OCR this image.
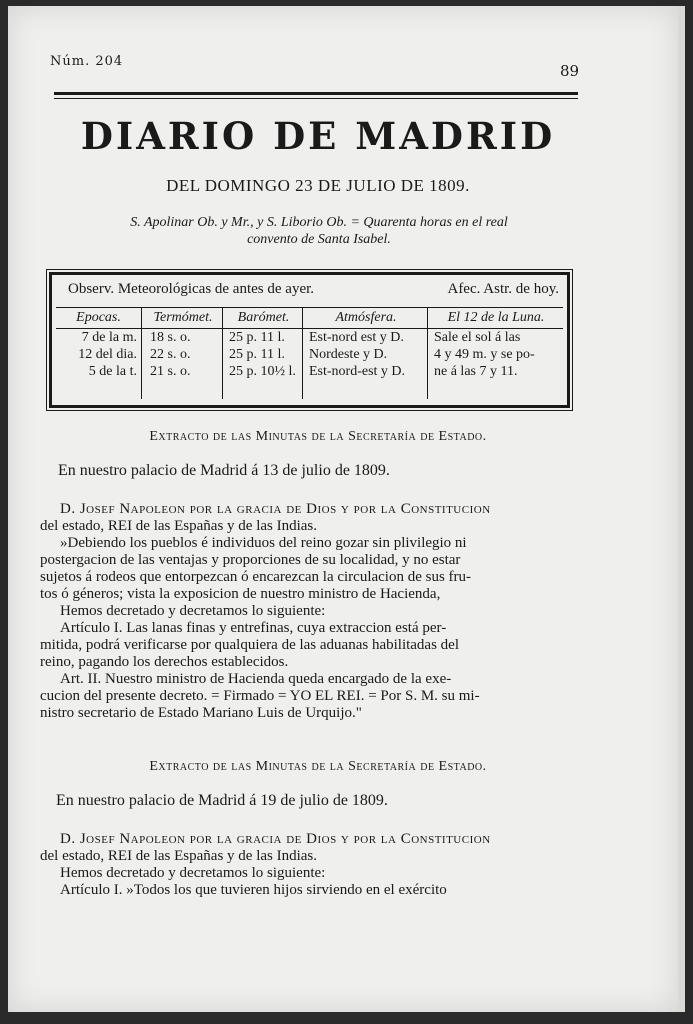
Núm. 204
89
DIARIO DE MADRID
DEL DOMINGO 23 DE JULIO DE 1809.
S. Apolinar Ob. y Mr., y S. Liborio Ob. = Quarenta horas en el real
convento de Santa Isabel.
Observ. Meteorológicas de antes de ayer.	Afec. Astr. de hoy.
Epocas.
7 de la m.
12 del dia.
5 de la t.
Termómet.
18 s. o.
22 s. o.
21 s. o.
Barómet.
25 p. 11 l.
25 p. 11 l.
25 p. 10½ l.
Atmósfera.
Est-nord est y D.
Nordeste y D.
Est-nord-est y D.
El 12 de la Luna.
Sale el sol á las
4 y 49 m. y se po-
ne á las 7 y 11.
Extracto de las Minutas de la Secretaría de Estado.
En nuestro palacio de Madrid á 13 de julio de 1809.
D. Josef Napoleon por la gracia de Dios y por la Constitucion
del estado, REI de las Españas y de las Indias.
»Debiendo los pueblos é individuos del reino gozar sin plivilegio ni
postergacion de las ventajas y proporciones de su localidad, y no estar
sujetos á rodeos que entorpezcan ó encarezcan la circulacion de sus fru-
tos ó géneros; vista la exposicion de nuestro ministro de Hacienda,
Hemos decretado y decretamos lo siguiente:
Artículo I. Las lanas finas y entrefinas, cuya extraccion está per-
mitida, podrá verificarse por qualquiera de las aduanas habilitadas del
reino, pagando los derechos establecidos.
Art. II. Nuestro ministro de Hacienda queda encargado de la exe-
cucion del presente decreto. = Firmado = YO EL REI. = Por S. M. su mi-
nistro secretario de Estado Mariano Luis de Urquijo."
Extracto de las Minutas de la Secretaría de Estado.
En nuestro palacio de Madrid á 19 de julio de 1809.
D. Josef Napoleon por la gracia de Dios y por la Constitucion
del estado, REI de las Españas y de las Indias.
Hemos decretado y decretamos lo siguiente:
Artículo I. »Todos los que tuvieren hijos sirviendo en el exército
